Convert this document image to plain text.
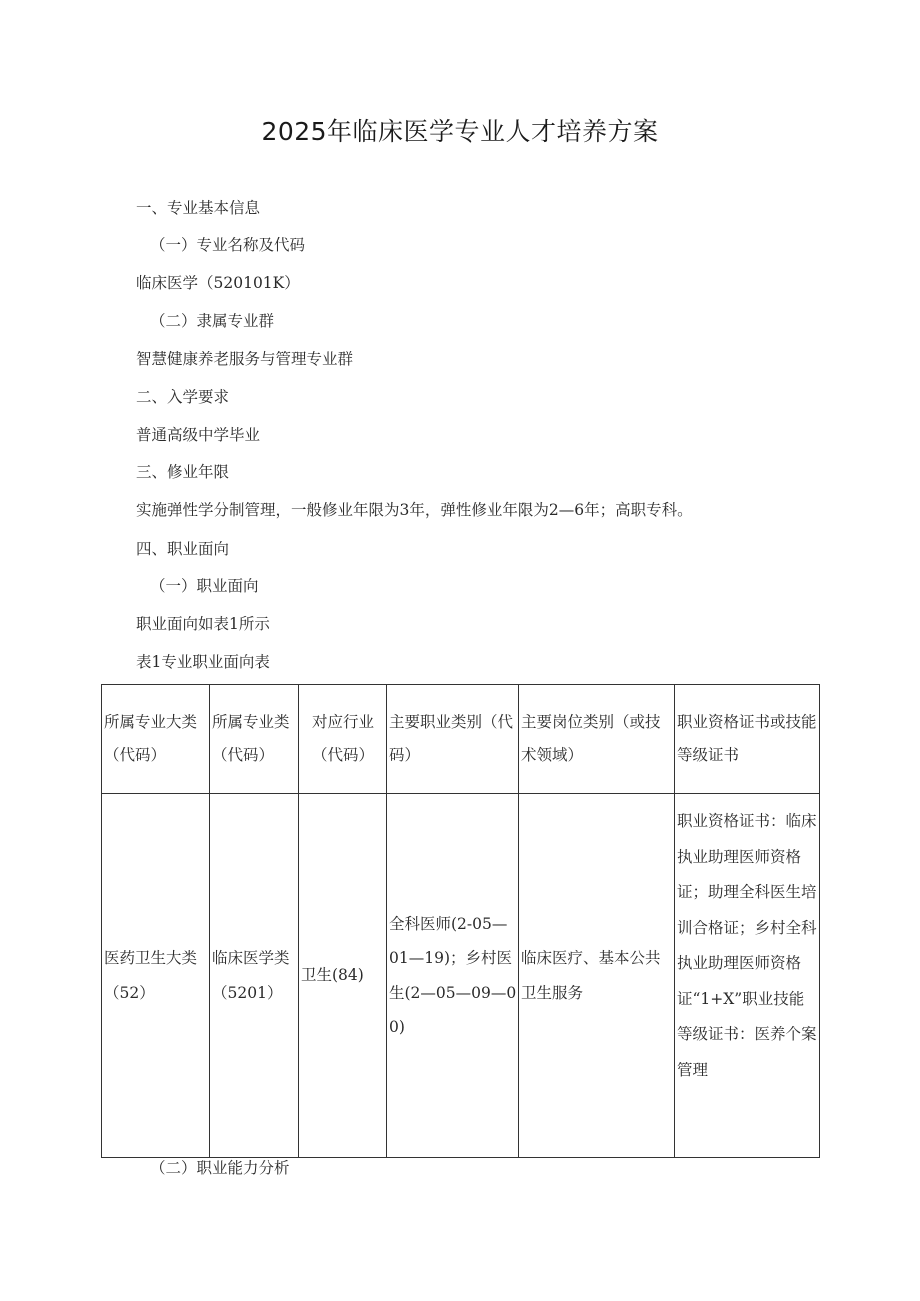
2025年临床医学专业人才培养方案
一、专业基本信息
（一）专业名称及代码
临床医学（520101K）
（二）隶属专业群
智慧健康养老服务与管理专业群
二、入学要求
普通高级中学毕业
三、修业年限
实施弹性学分制管理，一般修业年限为3年，弹性修业年限为2—6年；高职专科。
四、职业面向
（一）职业面向
职业面向如表1所示
表1专业职业面向表
所属专业大类（代码）	所属专业类（代码）	对应行业（代码）	主要职业类别（代码）	主要岗位类别（或技术领域）	职业资格证书或技能等级证书
医药卫生大类（52）	临床医学类（5201）	卫生(84)	全科医师(2-05—01—19)；乡村医生(2—05—09—00)	临床医疗、基本公共卫生服务	职业资格证书：临床执业助理医师资格证；助理全科医生培训合格证；乡村全科执业助理医师资格证“1+X”职业技能等级证书：医养个案管理
（二）职业能力分析
